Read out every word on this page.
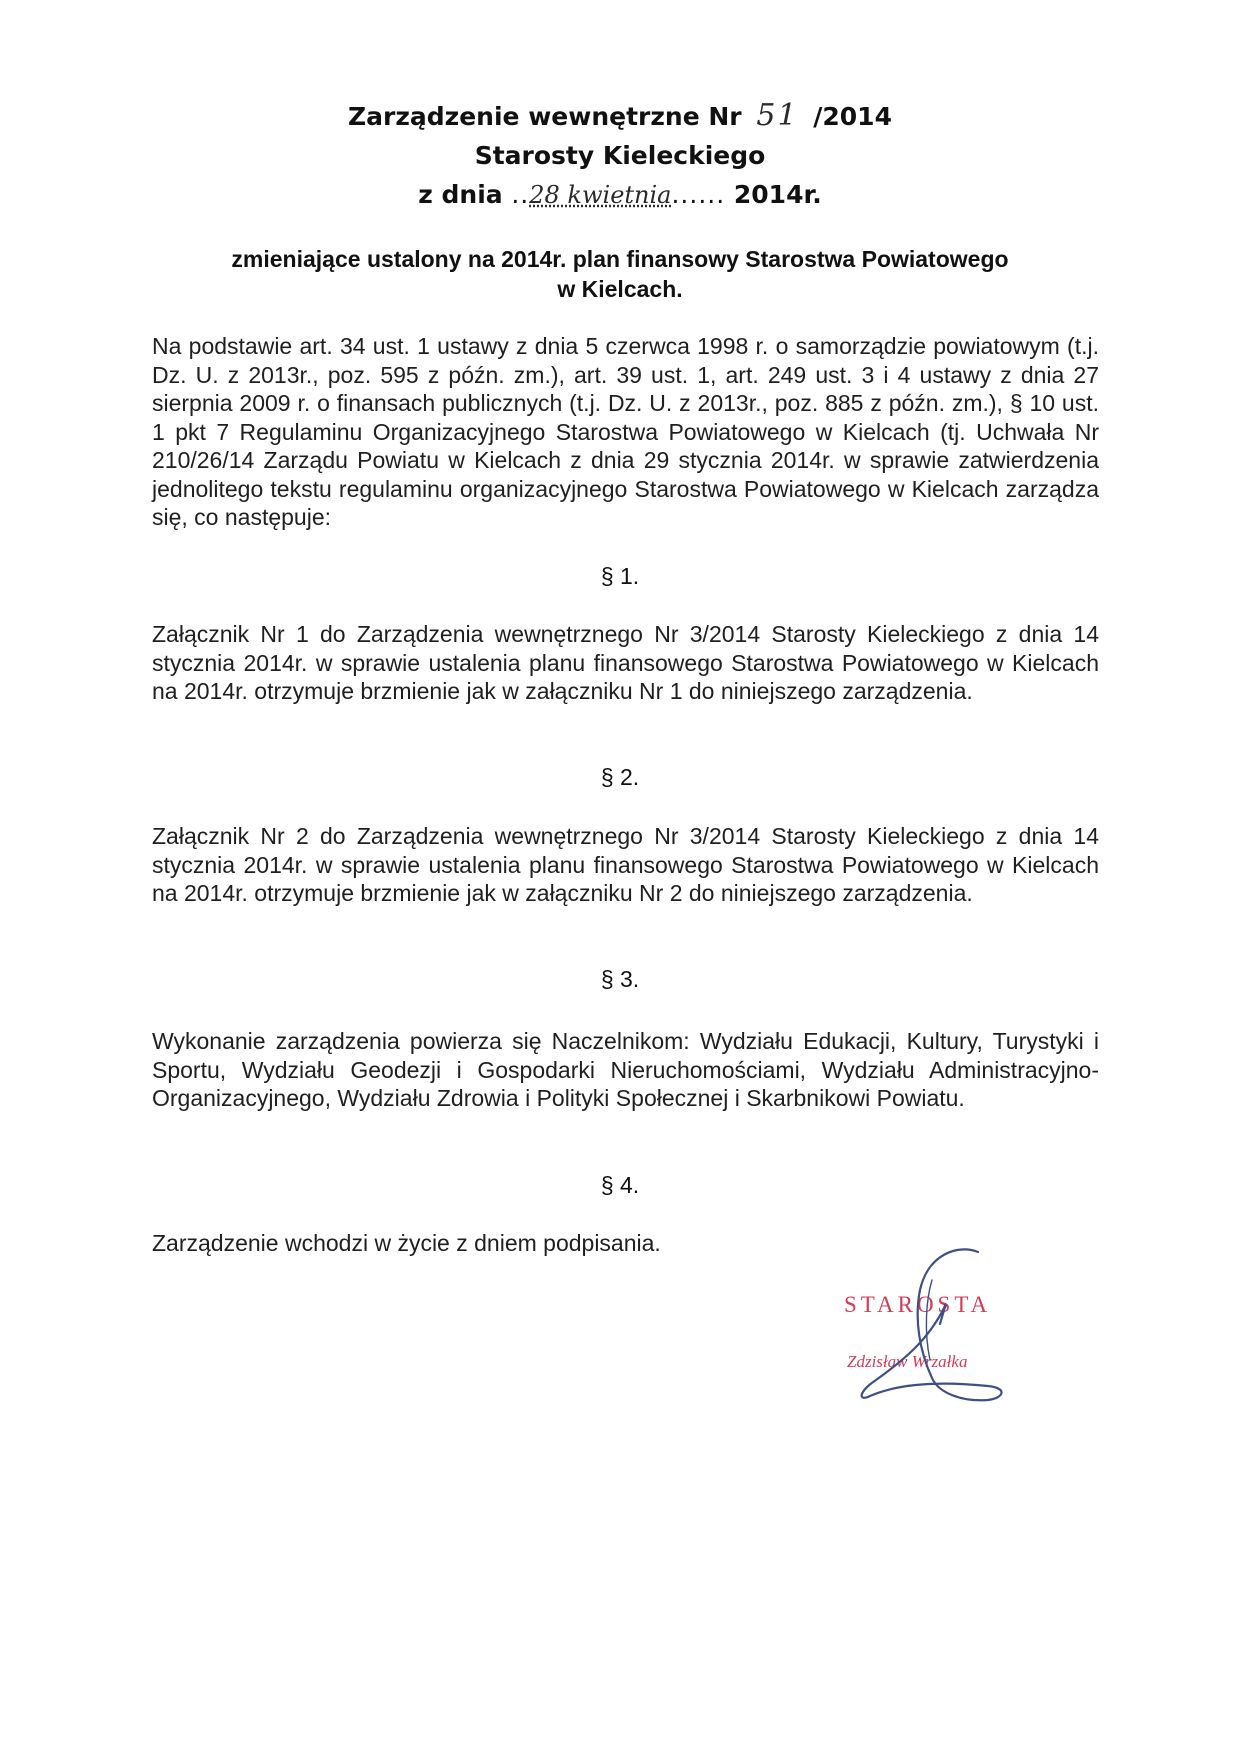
Zarządzenie wewnętrzne Nr 51 /2014
Starosty Kieleckiego
z dnia ..28 kwietnia...... 2014r.
zmieniające ustalony na 2014r. plan finansowy Starostwa Powiatowego
w Kielcach.
Na podstawie art. 34 ust. 1 ustawy z dnia 5 czerwca 1998 r. o samorządzie powiatowym (t.j. Dz. U. z 2013r., poz. 595 z późn. zm.), art. 39 ust. 1, art. 249 ust. 3 i 4 ustawy z dnia 27 sierpnia 2009 r. o finansach publicznych (t.j. Dz. U. z 2013r., poz. 885 z późn. zm.), § 10 ust. 1 pkt 7 Regulaminu Organizacyjnego Starostwa Powiatowego w Kielcach (tj. Uchwała Nr 210/26/14 Zarządu Powiatu w Kielcach z dnia 29 stycznia 2014r. w sprawie zatwierdzenia jednolitego tekstu regulaminu organizacyjnego Starostwa Powiatowego w Kielcach zarządza się, co następuje:
§ 1.
Załącznik Nr 1 do Zarządzenia wewnętrznego Nr 3/2014 Starosty Kieleckiego z dnia 14 stycznia 2014r. w sprawie ustalenia planu finansowego Starostwa Powiatowego w Kielcach na 2014r. otrzymuje brzmienie jak w załączniku Nr 1 do niniejszego zarządzenia.
§ 2.
Załącznik Nr 2 do Zarządzenia wewnętrznego Nr 3/2014 Starosty Kieleckiego z dnia 14 stycznia 2014r. w sprawie ustalenia planu finansowego Starostwa Powiatowego w Kielcach na 2014r. otrzymuje brzmienie jak w załączniku Nr 2 do niniejszego zarządzenia.
§ 3.
Wykonanie zarządzenia powierza się Naczelnikom: Wydziału Edukacji, Kultury, Turystyki i Sportu, Wydziału Geodezji i Gospodarki Nieruchomościami, Wydziału Administracyjno-Organizacyjnego, Wydziału Zdrowia i Polityki Społecznej i Skarbnikowi Powiatu.
§ 4.
Zarządzenie wchodzi w życie z dniem podpisania.
STAROSTA
Zdzisław Wrzałka
